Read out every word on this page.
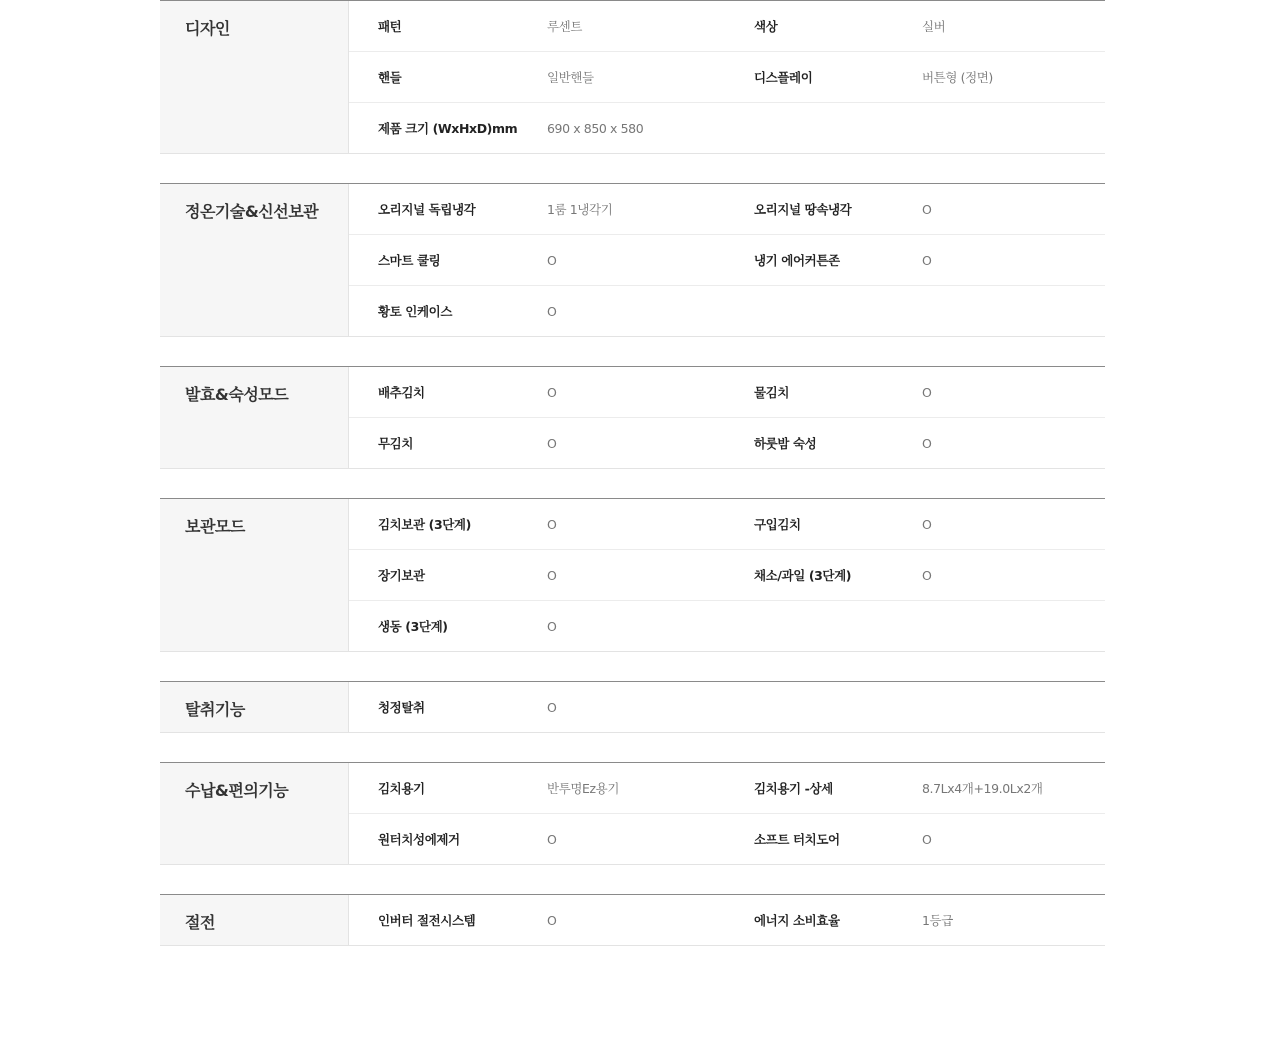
디자인	패턴	루센트	색상	실버
핸들	일반핸들	디스플레이	버튼형 (정면)
제품 크기 (WxHxD)mm	690 x 850 x 580
정온기술&신선보관	오리지널 독립냉각	1룸 1냉각기	오리지널 땅속냉각	O
스마트 쿨링	O	냉기 에어커튼존	O
황토 인케이스	O
발효&숙성모드	배추김치	O	물김치	O
무김치	O	하룻밤 숙성	O
보관모드	김치보관 (3단계)	O	구입김치	O
장기보관	O	채소/과일 (3단계)	O
생동 (3단계)	O
탈취기능	청정탈취	O
수납&편의기능	김치용기	반투명Ez용기	김치용기 -상세	8.7Lx4개+19.0Lx2개
원터치성에제거	O	소프트 터치도어	O
절전	인버터 절전시스템	O	에너지 소비효율	1등급
